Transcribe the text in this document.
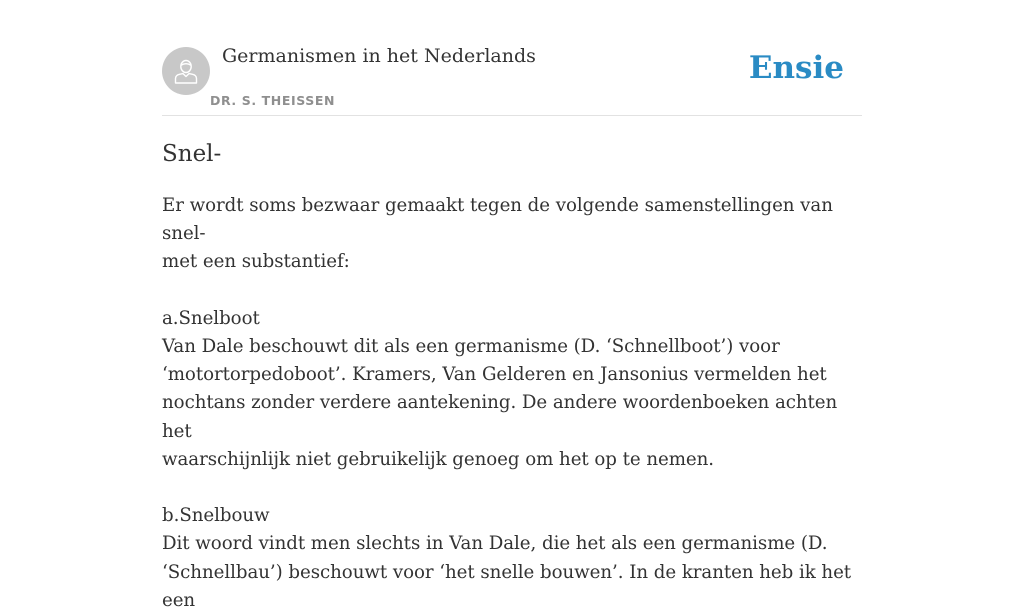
Germanismen in het Nederlands
DR. S. THEISSEN
Ensie
Snel-
Er wordt soms bezwaar gemaakt tegen de volgende samenstellingen van snel-
met een substantief:

a.Snelboot
Van Dale beschouwt dit als een germanisme (D. ‘Schnellboot’) voor
‘motortorpedoboot’. Kramers, Van Gelderen en Jansonius vermelden het
nochtans zonder verdere aantekening. De andere woordenboeken achten het
waarschijnlijk niet gebruikelijk genoeg om het op te nemen.

b.Snelbouw
Dit woord vindt men slechts in Van Dale, die het als een germanisme (D.
‘Schnellbau’) beschouwt voor ‘het snelle bouwen’. In de kranten heb ik het een
